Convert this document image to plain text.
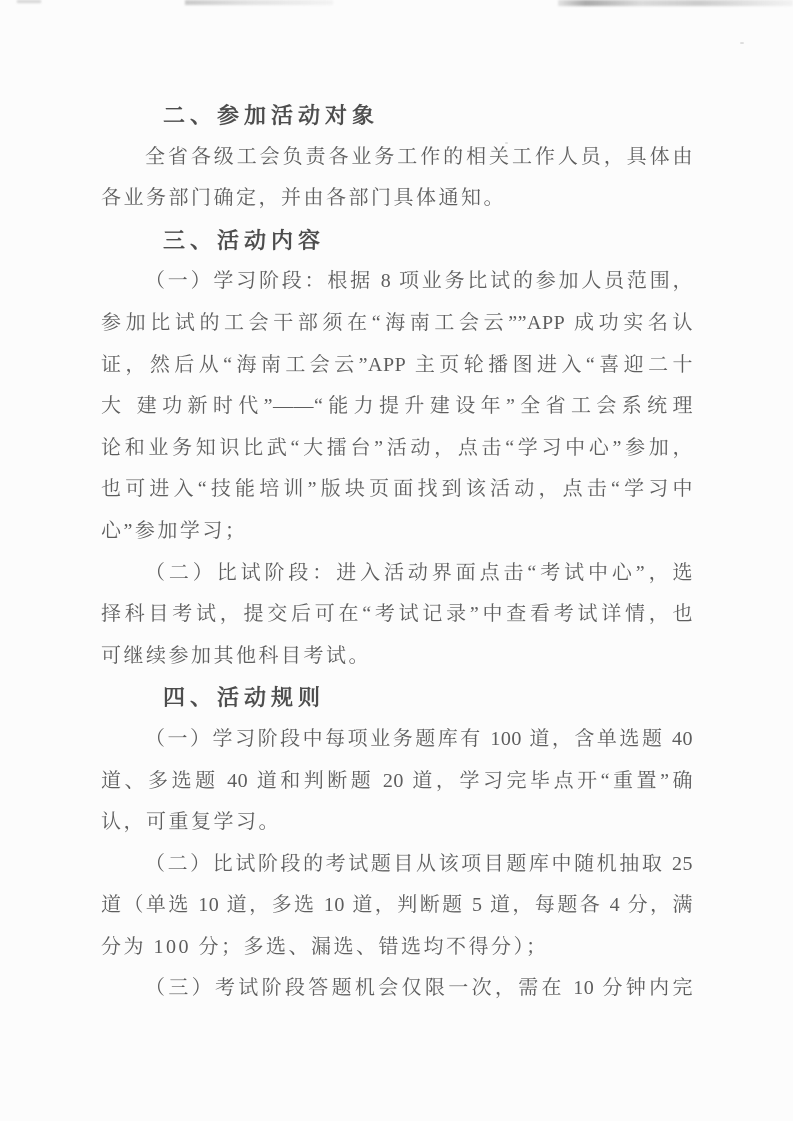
二、参加活动对象
全省各级工会负责各业务工作的相关工作人员，具体由
各业务部门确定，并由各部门具体通知。
三、活动内容
（一）学习阶段：根据 8 项业务比试的参加人员范围，
参加比试的工会干部须在“海南工会云””APP 成功实名认
证，然后从“海南工会云”APP 主页轮播图进入“喜迎二十
大 建功新时代”——“能力提升建设年”全省工会系统理
论和业务知识比武“大擂台”活动，点击“学习中心”参加，
也可进入“技能培训”版块页面找到该活动，点击“学习中
心”参加学习；
（二）比试阶段：进入活动界面点击“考试中心”，选
择科目考试，提交后可在“考试记录”中查看考试详情，也
可继续参加其他科目考试。
四、活动规则
（一）学习阶段中每项业务题库有 100 道，含单选题 40
道、多选题 40 道和判断题 20 道，学习完毕点开“重置”确
认，可重复学习。
（二）比试阶段的考试题目从该项目题库中随机抽取 25
道（单选 10 道，多选 10 道，判断题 5 道，每题各 4 分，满
分为 100 分；多选、漏选、错选均不得分）；
（三）考试阶段答题机会仅限一次，需在 10 分钟内完
